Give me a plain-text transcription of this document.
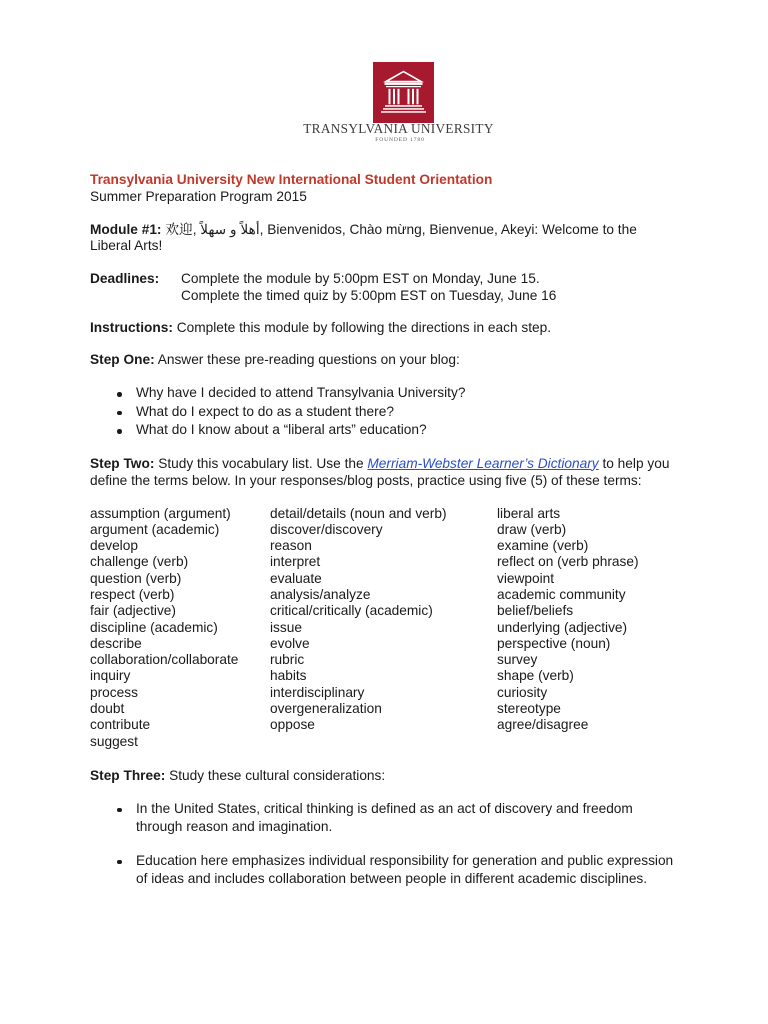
TRANSYLVANIA UNIVERSITY
FOUNDED 1780
Transylvania University New International Student Orientation
Summer Preparation Program 2015
Module #1: 欢迎, أهلاً و سهلاً, Bienvenidos, Chào mừng, Bienvenue, Akeyi: Welcome to the
Liberal Arts!
Deadlines: Complete the module by 5:00pm EST on Monday, June 15.
Complete the timed quiz by 5:00pm EST on Tuesday, June 16
Instructions: Complete this module by following the directions in each step.
Step One: Answer these pre-reading questions on your blog:
Why have I decided to attend Transylvania University?
What do I expect to do as a student there?
What do I know about a “liberal arts” education?
Step Two: Study this vocabulary list. Use the Merriam-Webster Learner’s Dictionary to help you
define the terms below. In your responses/blog posts, practice using five (5) of these terms:
assumption (argument)
argument (academic)
develop
challenge (verb)
question (verb)
respect (verb)
fair (adjective)
discipline (academic)
describe
collaboration/collaborate
inquiry
process
doubt
contribute
suggest
detail/details (noun and verb)
discover/discovery
reason
interpret
evaluate
analysis/analyze
critical/critically (academic)
issue
evolve
rubric
habits
interdisciplinary
overgeneralization
oppose
liberal arts
draw (verb)
examine (verb)
reflect on (verb phrase)
viewpoint
academic community
belief/beliefs
underlying (adjective)
perspective (noun)
survey
shape (verb)
curiosity
stereotype
agree/disagree
Step Three: Study these cultural considerations:
In the United States, critical thinking is defined as an act of discovery and freedom
through reason and imagination.
Education here emphasizes individual responsibility for generation and public expression
of ideas and includes collaboration between people in different academic disciplines.
